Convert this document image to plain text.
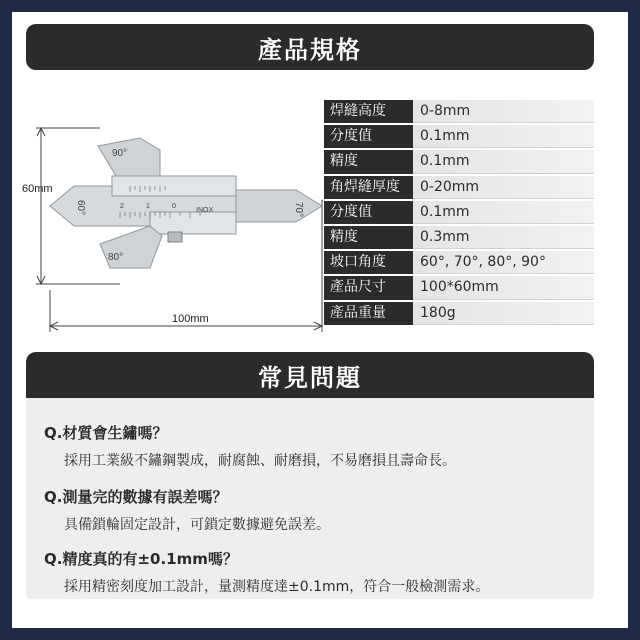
產品規格
60mm
100mm
90°
80°
70°
60°	INOX
2	1	0
焊縫高度	0-8mm
分度值	0.1mm
精度	0.1mm
角焊縫厚度	0-20mm
分度值	0.1mm
精度	0.3mm
坡口角度	60°, 70°, 80°, 90°
產品尺寸	100*60mm
產品重量	180g
常見問題
Q.材質會生鏽嗎？
採用工業級不鏽鋼製成，耐腐蝕、耐磨損，不易磨損且壽命長。
Q.測量完的數據有誤差嗎？
具備鎖輪固定設計，可鎖定數據避免誤差。
Q.精度真的有±0.1mm嗎？
採用精密刻度加工設計，量測精度達±0.1mm，符合一般檢測需求。
